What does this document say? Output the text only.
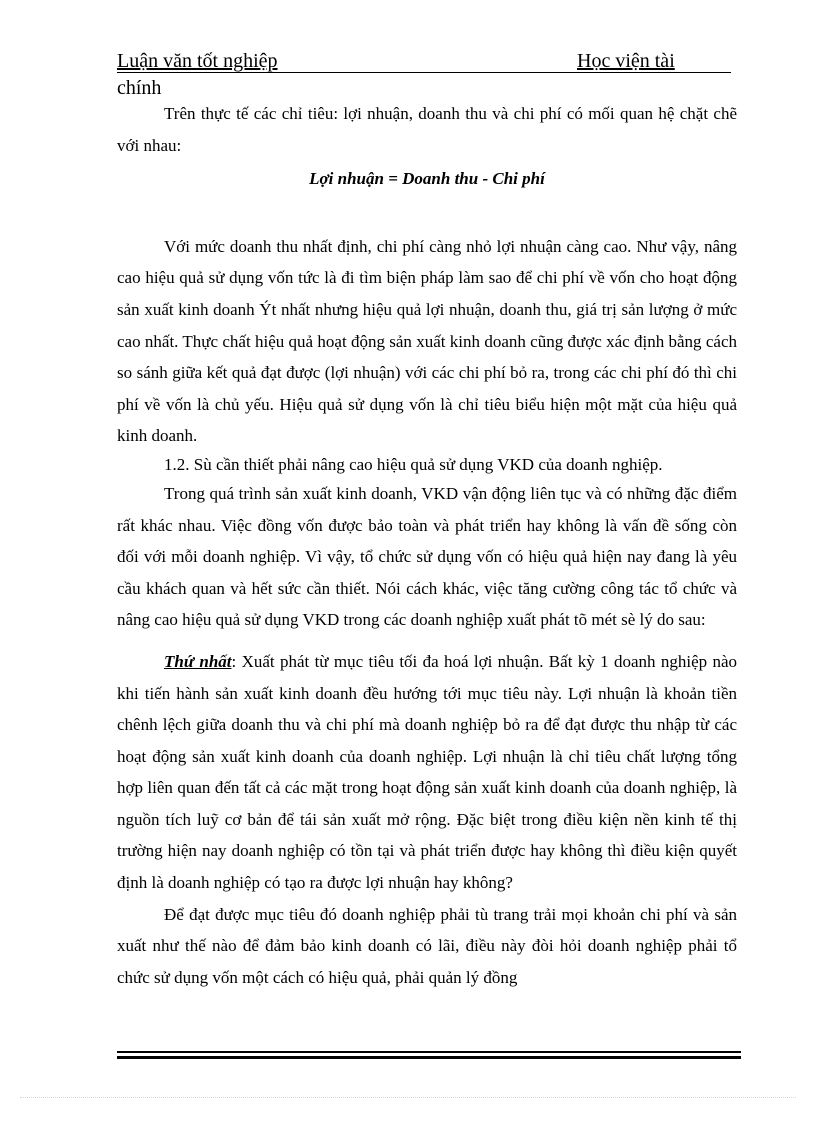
Luận văn tốt nghiệp	Học viện tài
chính

Trên thực tế các chỉ tiêu: lợi nhuận, doanh thu và chi phí có mối quan hệ chặt chẽ với nhau:

Lợi nhuận = Doanh thu - Chi phí

Với mức doanh thu nhất định, chi phí càng nhỏ lợi nhuận càng cao. Như vậy, nâng cao hiệu quả sử dụng vốn tức là đi tìm biện pháp làm sao để chi phí về vốn cho hoạt động sản xuất kinh doanh Ýt nhất nhưng hiệu quả lợi nhuận, doanh thu, giá trị sản lượng ở mức cao nhất. Thực chất hiệu quả hoạt động sản xuất kinh doanh cũng được xác định bằng cách so sánh giữa kết quả đạt được (lợi nhuận) với các chi phí bỏ ra, trong các chi phí đó thì chi phí về vốn là chủ yếu. Hiệu quả sử dụng vốn là chỉ tiêu biểu hiện một mặt của hiệu quả kinh doanh.

1.2. Sù cần thiết phải nâng cao hiệu quả sử dụng VKD của doanh nghiệp.

Trong quá trình sản xuất kinh doanh, VKD vận động liên tục và có những đặc điểm rất khác nhau. Việc đồng vốn được bảo toàn và phát triển hay không là vấn đề sống còn đối với mỗi doanh nghiệp. Vì vậy, tổ chức sử dụng vốn có hiệu quả hiện nay đang là yêu cầu khách quan và hết sức cần thiết. Nói cách khác, việc tăng cường công tác tổ chức và nâng cao hiệu quả sử dụng VKD trong các doanh nghiệp xuất phát tõ mét sè lý do sau:

Thứ nhất: Xuất phát từ mục tiêu tối đa hoá lợi nhuận. Bất kỳ 1 doanh nghiệp nào khi tiến hành sản xuất kinh doanh đều hướng tới mục tiêu này. Lợi nhuận là khoản tiền chênh lệch giữa doanh thu và chi phí mà doanh nghiệp bỏ ra để đạt được thu nhập từ các hoạt động sản xuất kinh doanh của doanh nghiệp. Lợi nhuận là chỉ tiêu chất lượng tổng hợp liên quan đến tất cả các mặt trong hoạt động sản xuất kinh doanh của doanh nghiệp, là nguồn tích luỹ cơ bản để tái sản xuất mở rộng. Đặc biệt trong điều kiện nền kinh tế thị trường hiện nay doanh nghiệp có tồn tại và phát triển được hay không thì điều kiện quyết định là doanh nghiệp có tạo ra được lợi nhuận hay không?

Để đạt được mục tiêu đó doanh nghiệp phải tù trang trải mọi khoản chi phí và sản xuất như thế nào để đảm bảo kinh doanh có lãi, điều này đòi hỏi doanh nghiệp phải tổ chức sử dụng vốn một cách có hiệu quả, phải quản lý đồng
